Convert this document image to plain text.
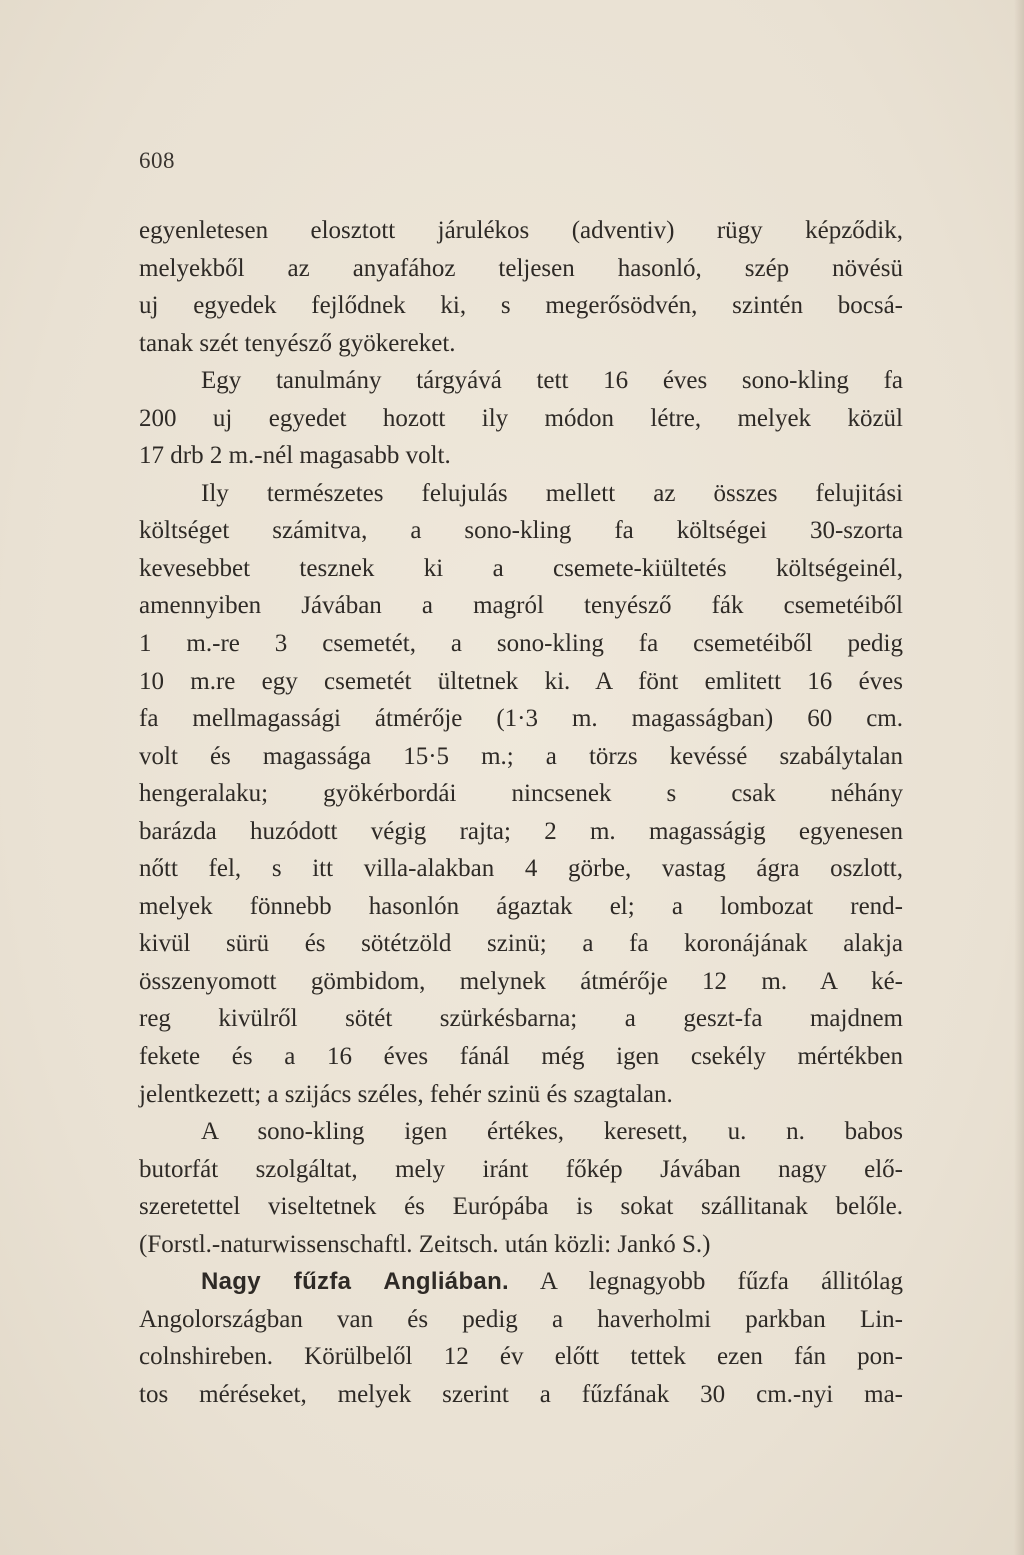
608
egyenletesen elosztott járulékos (adventiv) rügy képződik,
melyekből az anyafához teljesen hasonló, szép növésü
uj egyedek fejlődnek ki, s megerősödvén, szintén bocsá-
tanak szét tenyésző gyökereket.
Egy tanulmány tárgyává tett 16 éves sono-kling fa
200 uj egyedet hozott ily módon létre, melyek közül
17 drb 2 m.-nél magasabb volt.
Ily természetes felujulás mellett az összes felujitási
költséget számitva, a sono-kling fa költségei 30-szorta
kevesebbet tesznek ki a csemete-kiültetés költségeinél,
amennyiben Jávában a magról tenyésző fák csemetéiből
1 m.-re 3 csemetét, a sono-kling fa csemetéiből pedig
10 m.re egy csemetét ültetnek ki. A fönt emlitett 16 éves
fa mellmagassági átmérője (1·3 m. magasságban) 60 cm.
volt és magassága 15·5 m.; a törzs kevéssé szabálytalan
hengeralaku; gyökérbordái nincsenek s csak néhány
barázda huzódott végig rajta; 2 m. magasságig egyenesen
nőtt fel, s itt villa-alakban 4 görbe, vastag ágra oszlott,
melyek fönnebb hasonlón ágaztak el; a lombozat rend-
kivül sürü és sötétzöld szinü; a fa koronájának alakja
összenyomott gömbidom, melynek átmérője 12 m. A ké-
reg kivülről sötét szürkésbarna; a geszt-fa majdnem
fekete és a 16 éves fánál még igen csekély mértékben
jelentkezett; a szijács széles, fehér szinü és szagtalan.
A sono-kling igen értékes, keresett, u. n. babos
butorfát szolgáltat, mely iránt főkép Jávában nagy elő-
szeretettel viseltetnek és Európába is sokat szállitanak belőle.
(Forstl.-naturwissenschaftl. Zeitsch. után közli: Jankó S.)
Nagy fűzfa Angliában. A legnagyobb fűzfa állitólag
Angolországban van és pedig a haverholmi parkban Lin-
colnshireben. Körülbelől 12 év előtt tettek ezen fán pon-
tos méréseket, melyek szerint a fűzfának 30 cm.-nyi ma-
